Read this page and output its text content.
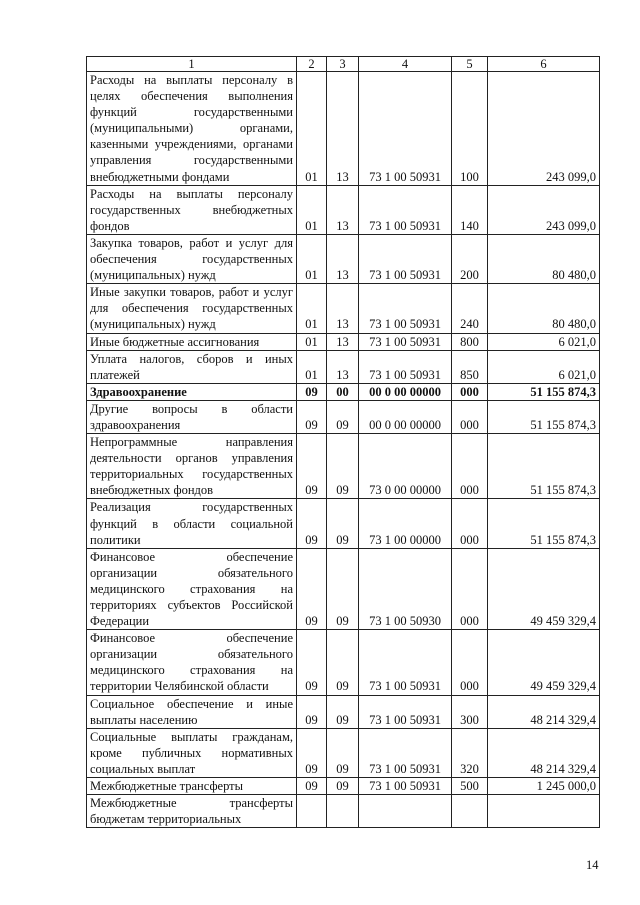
1	2	3	4	5	6
Расходы на выплаты персоналу в целях обеспечения выполнения функций государственными (муниципальными) органами, казенными учреждениями, органами управления государственными внебюджетными фондами	01	13	73 1 00 50931	100	243 099,0
Расходы на выплаты персоналу государственных внебюджетных фондов	01	13	73 1 00 50931	140	243 099,0
Закупка товаров, работ и услуг для обеспечения государственных (муниципальных) нужд	01	13	73 1 00 50931	200	80 480,0
Иные закупки товаров, работ и услуг для обеспечения государственных (муниципальных) нужд	01	13	73 1 00 50931	240	80 480,0
Иные бюджетные ассигнования	01	13	73 1 00 50931	800	6 021,0
Уплата налогов, сборов и иных платежей	01	13	73 1 00 50931	850	6 021,0
Здравоохранение	09	00	00 0 00 00000	000	51 155 874,3
Другие вопросы в области здравоохранения	09	09	00 0 00 00000	000	51 155 874,3
Непрограммные направления деятельности органов управления территориальных государственных внебюджетных фондов	09	09	73 0 00 00000	000	51 155 874,3
Реализация государственных функций в области социальной политики	09	09	73 1 00 00000	000	51 155 874,3
Финансовое обеспечение организации обязательного медицинского страхования на территориях субъектов Российской Федерации	09	09	73 1 00 50930	000	49 459 329,4
Финансовое обеспечение организации обязательного медицинского страхования на территории Челябинской области	09	09	73 1 00 50931	000	49 459 329,4
Социальное обеспечение и иные выплаты населению	09	09	73 1 00 50931	300	48 214 329,4
Социальные выплаты гражданам, кроме публичных нормативных социальных выплат	09	09	73 1 00 50931	320	48 214 329,4
Межбюджетные трансферты	09	09	73 1 00 50931	500	1 245 000,0
Межбюджетные трансферты бюджетам территориальных					
14
